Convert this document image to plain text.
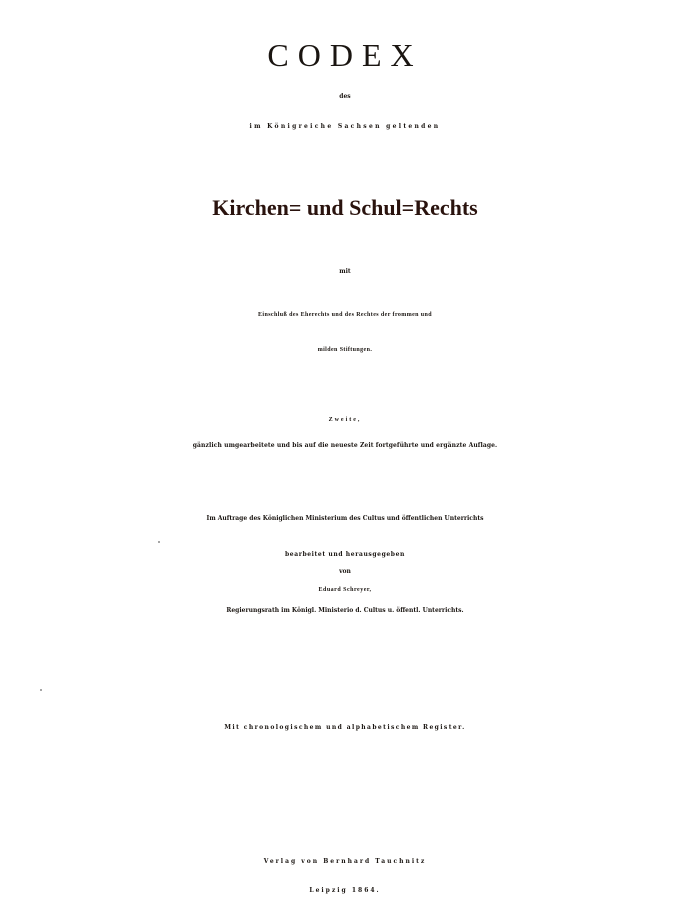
CODEX

des

im Königreiche Sachsen geltenden

Kirchen= und Schul=Rechts

mit

Einschluß des Eherechts und des Rechtes der frommen und

milden Stiftungen.

Zweite,

gänzlich umgearbeitete und bis auf die neueste Zeit fortgeführte und ergänzte Auflage.

Im Auftrage des Königlichen Ministerium des Cultus und öffentlichen Unterrichts

bearbeitet und herausgegeben

von

Eduard Schreyer,

Regierungsrath im Königl. Ministerio d. Cultus u. öffentl. Unterrichts.

Mit chronologischem und alphabetischem Register.

Verlag von Bernhard Tauchnitz

Leipzig 1864.
